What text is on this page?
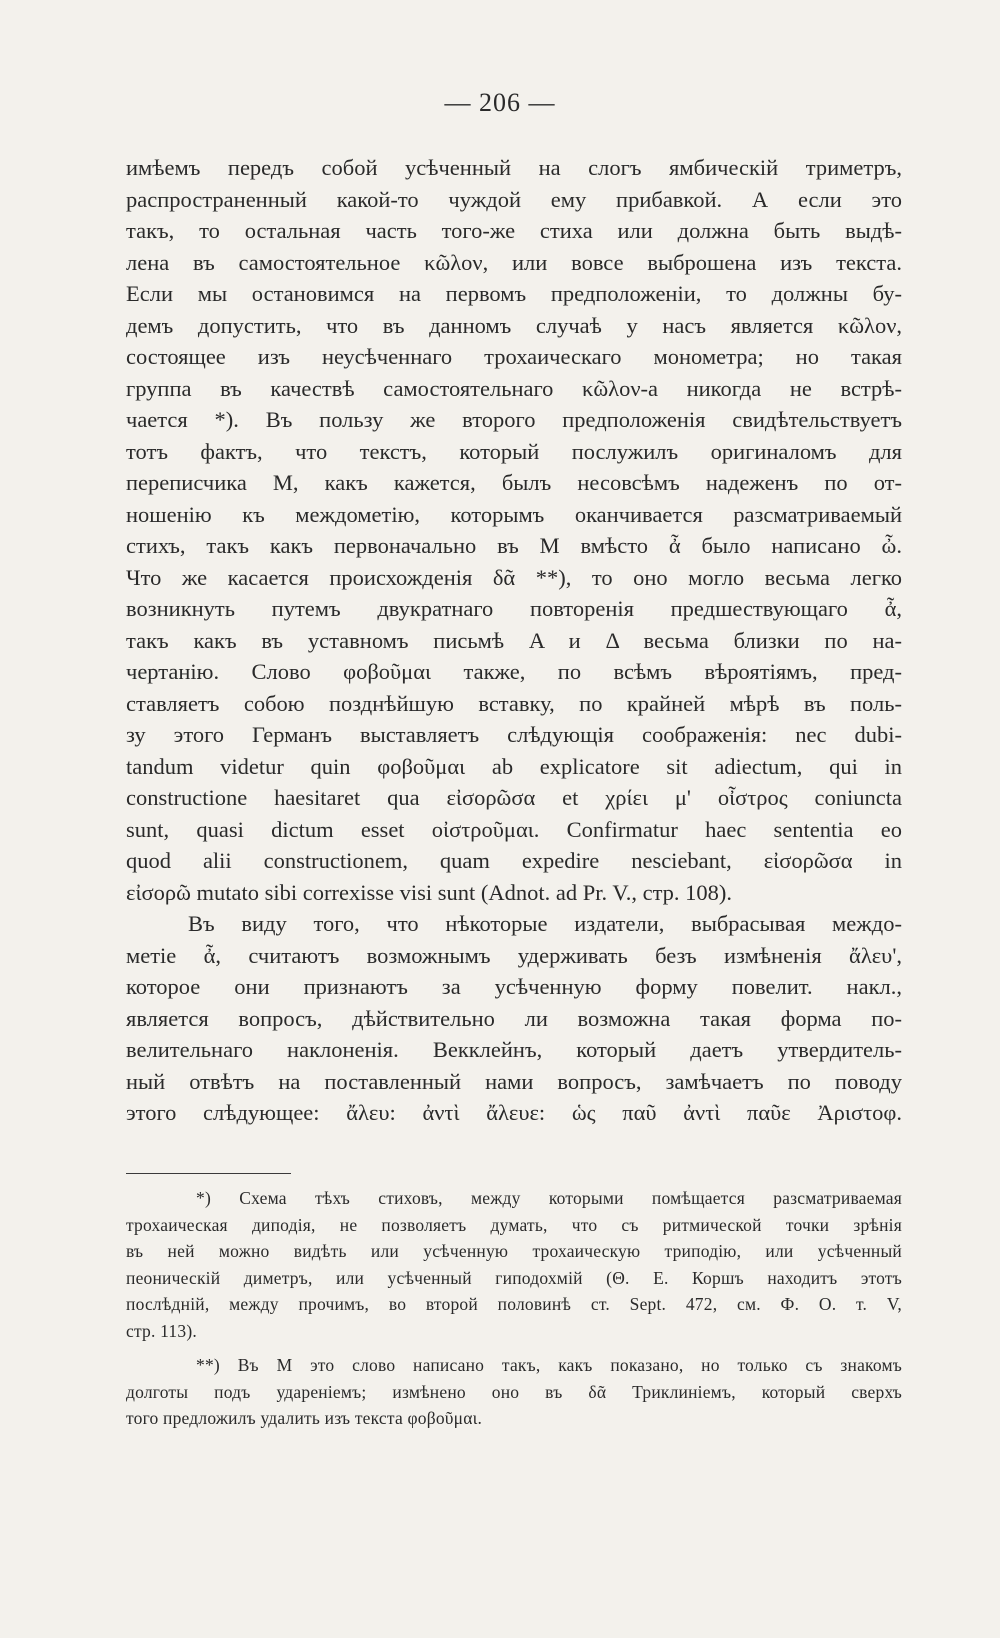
— 206 —
имѣемъ передъ собой усѣченный на слогъ ямбическій триметръ,
распространенный какой-то чуждой ему прибавкой. А если это
такъ, то остальная часть того-же стиха или должна быть выдѣ-
лена въ самостоятельное κῶλον, или вовсе выброшена изъ текста.
Если мы остановимся на первомъ предположеніи, то должны бу-
демъ допустить, что въ данномъ случаѣ у насъ является κῶλον,
состоящее изъ неусѣченнаго трохаическаго монометра; но такая
группа въ качествѣ самостоятельнаго κῶλον-а никогда не встрѣ-
чается *). Въ пользу же второго предположенія свидѣтельствуетъ
тотъ фактъ, что текстъ, который послужилъ оригиналомъ для
переписчика М, какъ кажется, былъ несовсѣмъ надеженъ по от-
ношенію къ междометію, которымъ оканчивается разсматриваемый
стихъ, такъ какъ первоначально въ М вмѣсто ἆ было написано ὦ.
Что же касается происхожденія δᾶ **), то оно могло весьма легко
возникнуть путемъ двукратнаго повторенія предшествующаго ἆ,
такъ какъ въ уставномъ письмѣ Α и Δ весьма близки по на-
чертанію. Слово φοβοῦμαι также, по всѣмъ вѣроятіямъ, пред-
ставляетъ собою позднѣйшую вставку, по крайней мѣрѣ въ поль-
зу этого Германъ выставляетъ слѣдующія соображенія: nec dubi-
tandum videtur quin φοβοῦμαι ab explicatore sit adiectum, qui in
constructione haesitaret qua εἰσορῶσα et χρίει μ' οἶστρος coniuncta
sunt, quasi dictum esset οἰστροῦμαι. Confirmatur haec sententia eo
quod alii constructionem, quam expedire nesciebant, εἰσορῶσα in
εἰσορῶ mutato sibi correxisse visi sunt (Adnot. ad Pr. V., стр. 108).
Въ виду того, что нѣкоторые издатели, выбрасывая междо-
метіе ἆ, считаютъ возможнымъ удерживать безъ измѣненія ἄλευ',
которое они признаютъ за усѣченную форму повелит. накл.,
является вопросъ, дѣйствительно ли возможна такая форма по-
велительнаго наклоненія. Векклейнъ, который даетъ утвердитель-
ный отвѣтъ на поставленный нами вопросъ, замѣчаетъ по поводу
этого слѣдующее: ἄλευ: ἀντὶ ἄλευε: ὡς παῦ ἀντὶ παῦε Ἀριστοφ.
*) Схема тѣхъ стиховъ, между которыми помѣщается разсматриваемая
трохаическая диподія, не позволяетъ думать, что съ ритмической точки зрѣнія
въ ней можно видѣть или усѣченную трохаическую триподію, или усѣченный
пеоническій диметръ, или усѣченный гиподохмій (Θ. Е. Коршъ находитъ этотъ
послѣдній, между прочимъ, во второй половинѣ ст. Sept. 472, см. Ф. О. т. V,
стр. 113).
**) Въ М это слово написано такъ, какъ показано, но только съ знакомъ
долготы подъ удареніемъ; измѣнено оно въ δᾶ Триклиніемъ, который сверхъ
того предложилъ удалить изъ текста φοβοῦμαι.
